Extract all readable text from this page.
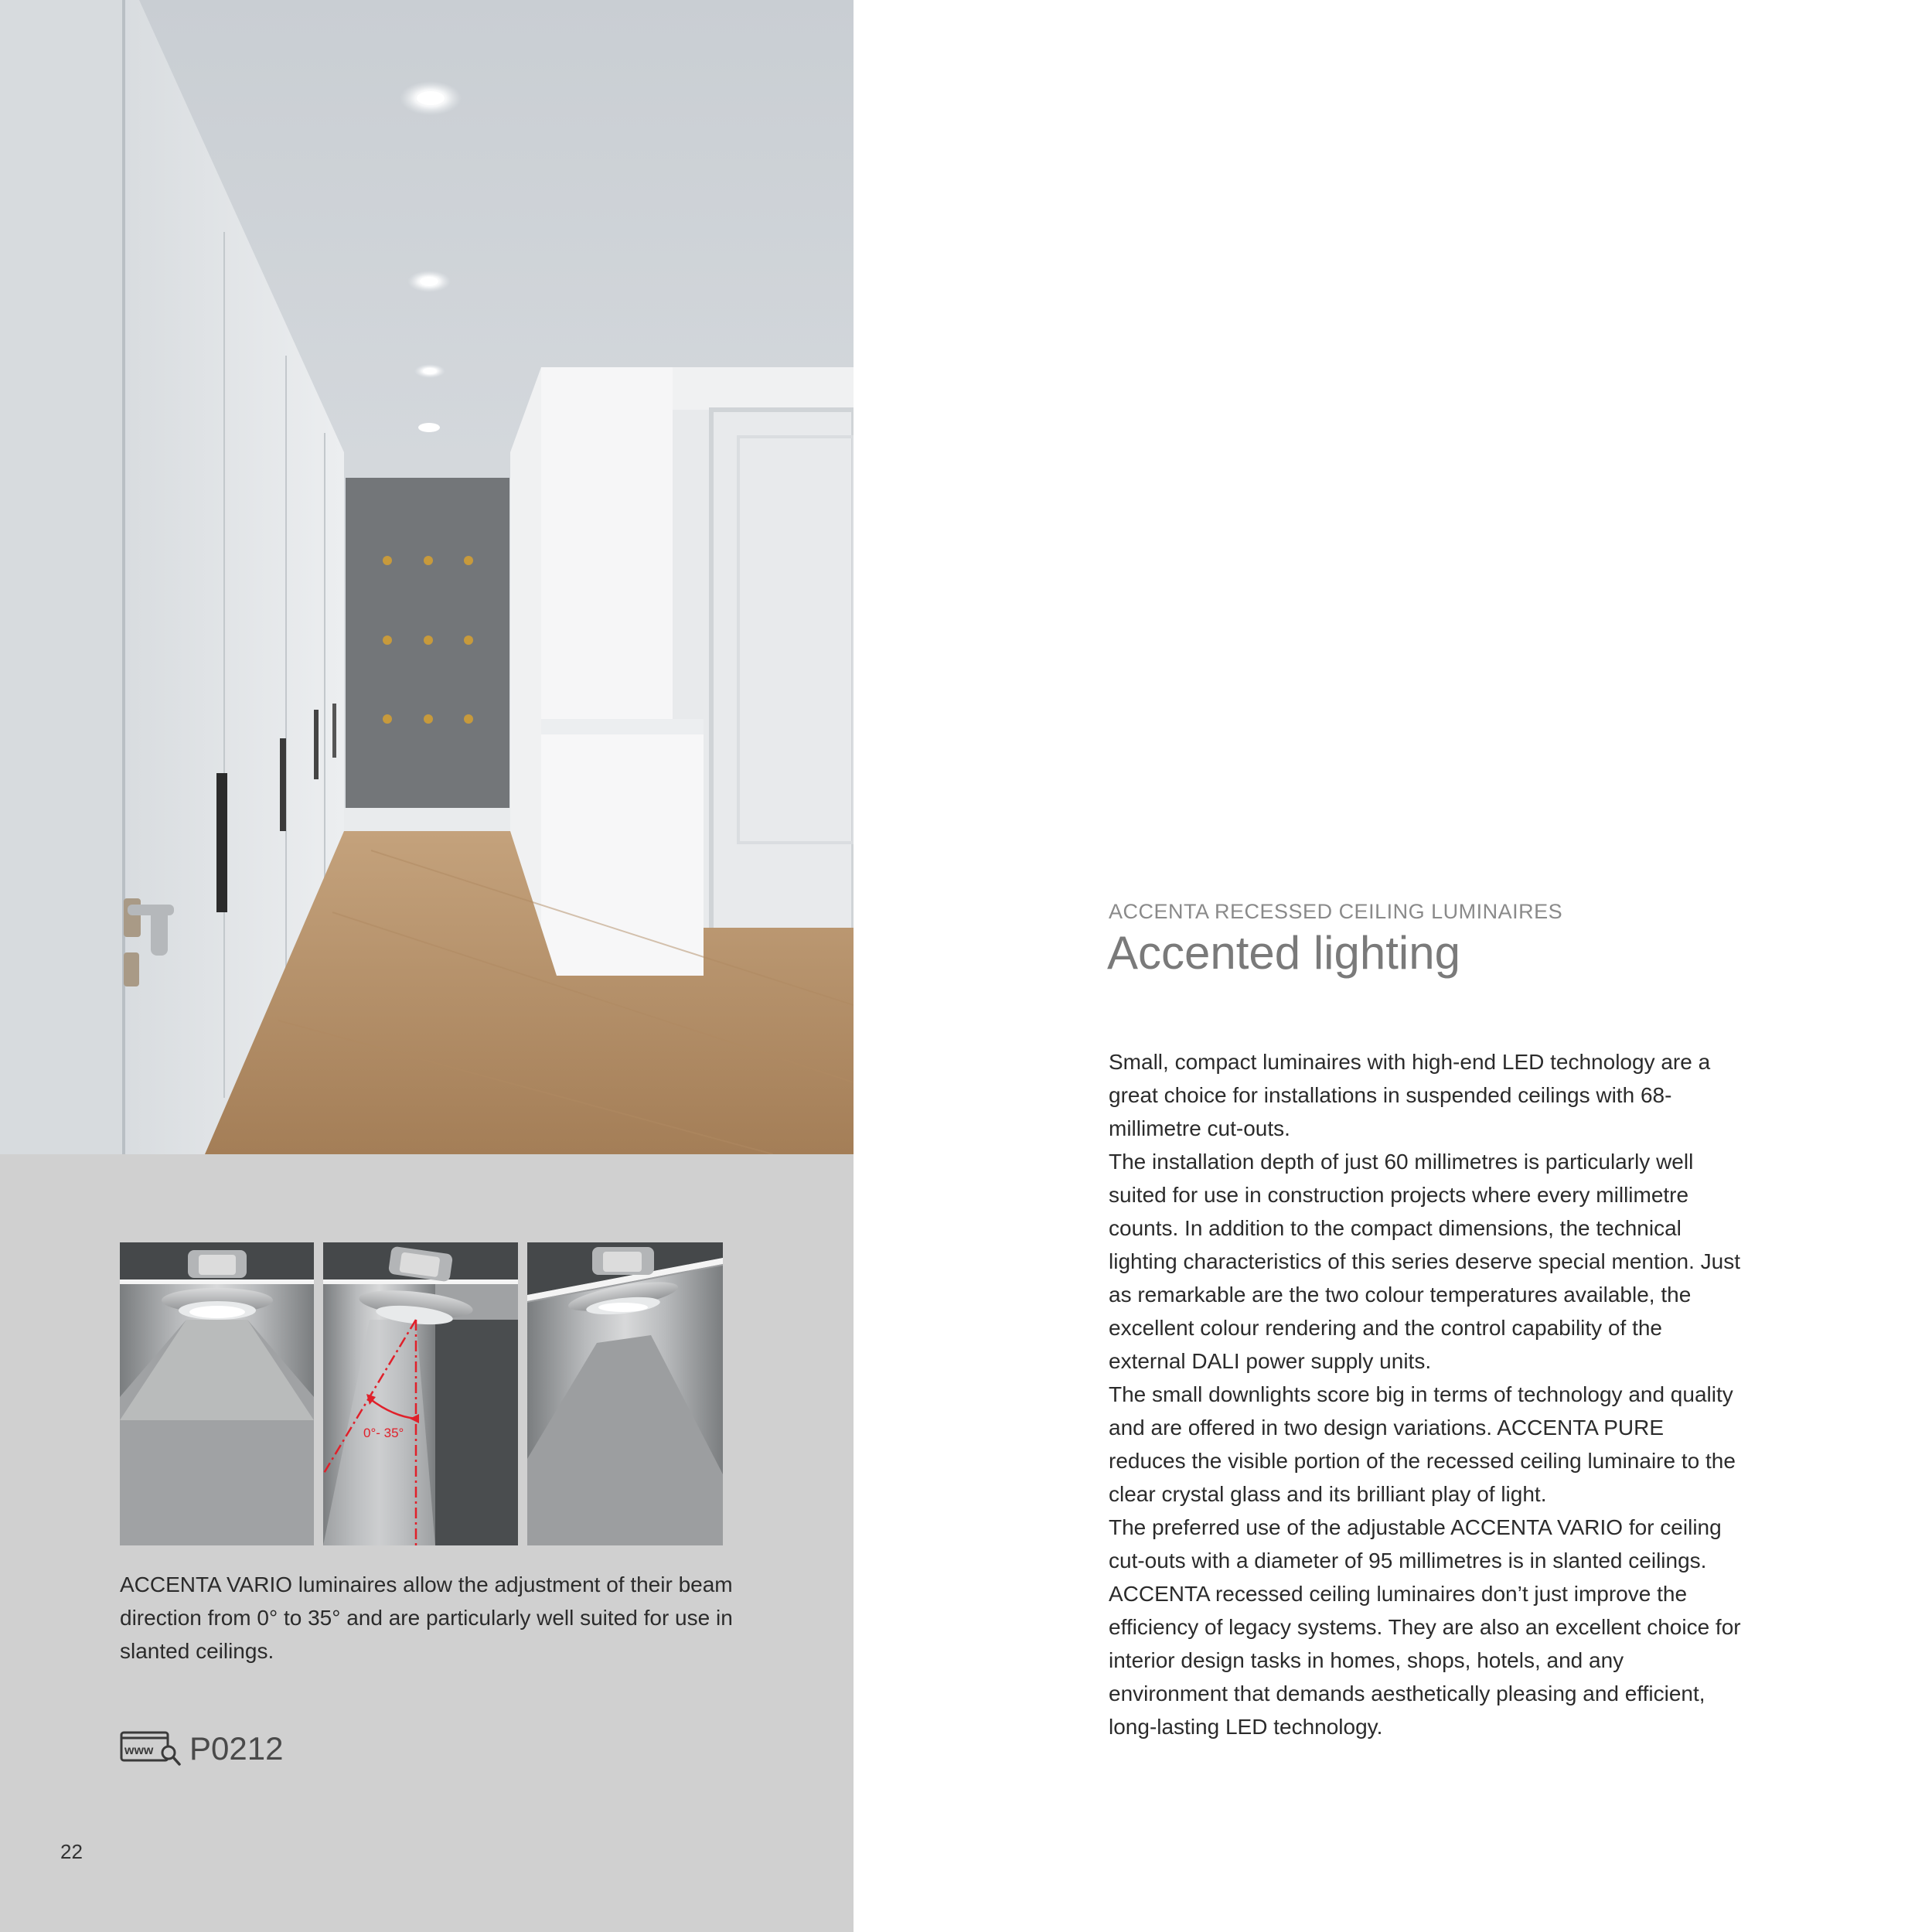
0°- 35°

ACCENTA VARIO luminaires allow the adjustment of their beam direction from 0° to 35° and are particularly well suited for use in slanted ceilings.

www P0212
22
ACCENTA RECESSED CEILING LUMINAIRES
Accented lighting

Small, compact luminaires with high-end LED technology are a great choice for installations in suspended ceilings with 68-millimetre cut-outs.

The installation depth of just 60 millimetres is particularly well suited for use in construction projects where every millimetre counts. In addition to the compact dimensions, the technical lighting characteristics of this series deserve special mention. Just as remarkable are the two colour temperatures available, the excellent colour rendering and the control capability of the external DALI power supply units.

The small downlights score big in terms of technology and quality and are offered in two design variations. ACCENTA PURE reduces the visible portion of the recessed ceiling luminaire to the clear crystal glass and its brilliant play of light.

The preferred use of the adjustable ACCENTA VARIO for ceiling cut-outs with a diameter of 95 millimetres is in slanted ceilings. ACCENTA recessed ceiling luminaires don’t just improve the efficiency of legacy systems. They are also an excellent choice for interior design tasks in homes, shops, hotels, and any environment that demands aesthetically pleasing and efficient, long-lasting LED technology.
